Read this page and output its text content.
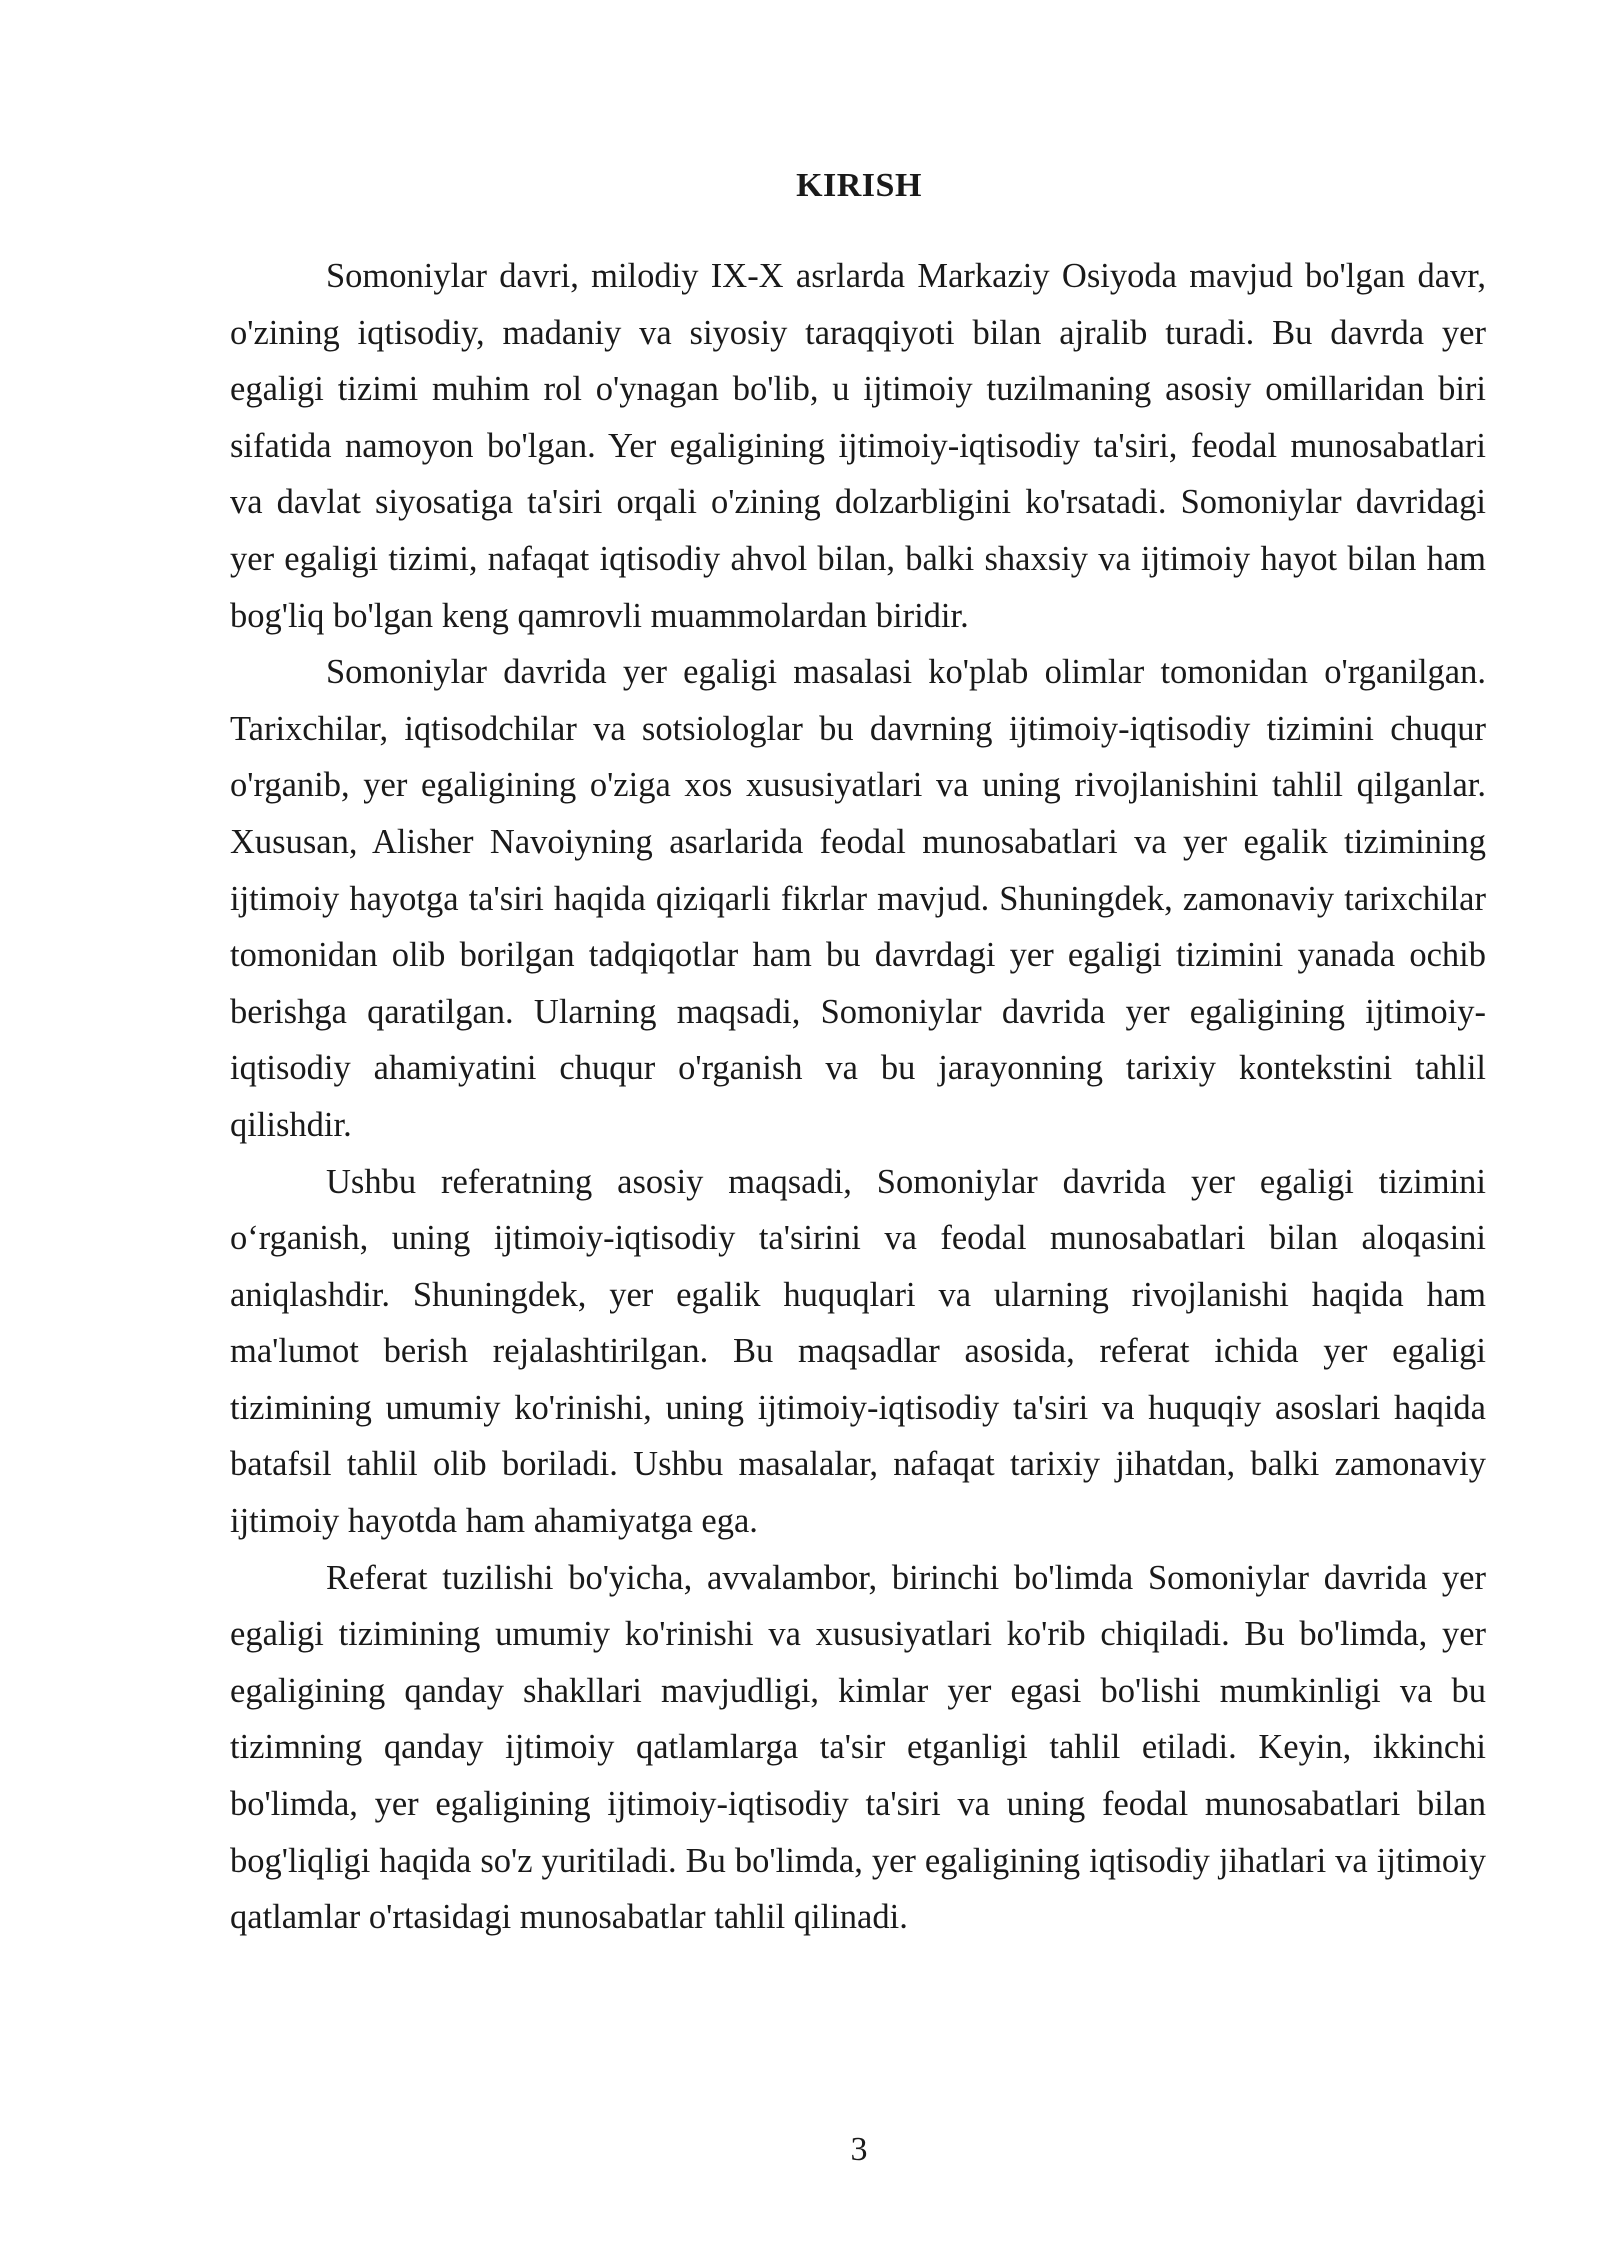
KIRISH

Somoniylar davri, milodiy IX-X asrlarda Markaziy Osiyoda mavjud bo'lgan davr, o'zining iqtisodiy, madaniy va siyosiy taraqqiyoti bilan ajralib turadi. Bu davrda yer egaligi tizimi muhim rol o'ynagan bo'lib, u ijtimoiy tuzilmaning asosiy omillaridan biri sifatida namoyon bo'lgan. Yer egaligining ijtimoiy-iqtisodiy ta'siri, feodal munosabatlari va davlat siyosatiga ta'siri orqali o'zining dolzarbligini ko'rsatadi. Somoniylar davridagi yer egaligi tizimi, nafaqat iqtisodiy ahvol bilan, balki shaxsiy va ijtimoiy hayot bilan ham bog'liq bo'lgan keng qamrovli muammolardan biridir.

Somoniylar davrida yer egaligi masalasi ko'plab olimlar tomonidan o'rganilgan. Tarixchilar, iqtisodchilar va sotsiologlar bu davrning ijtimoiy-iqtisodiy tizimini chuqur o'rganib, yer egaligining o'ziga xos xususiyatlari va uning rivojlanishini tahlil qilganlar. Xususan, Alisher Navoiyning asarlarida feodal munosabatlari va yer egalik tizimining ijtimoiy hayotga ta'siri haqida qiziqarli fikrlar mavjud. Shuningdek, zamonaviy tarixchilar tomonidan olib borilgan tadqiqotlar ham bu davrdagi yer egaligi tizimini yanada ochib berishga qaratilgan. Ularning maqsadi, Somoniylar davrida yer egaligining ijtimoiy-iqtisodiy ahamiyatini chuqur o'rganish va bu jarayonning tarixiy kontekstini tahlil qilishdir.

Ushbu referatning asosiy maqsadi, Somoniylar davrida yer egaligi tizimini o‘rganish, uning ijtimoiy-iqtisodiy ta'sirini va feodal munosabatlari bilan aloqasini aniqlashdir. Shuningdek, yer egalik huquqlari va ularning rivojlanishi haqida ham ma'lumot berish rejalashtirilgan. Bu maqsadlar asosida, referat ichida yer egaligi tizimining umumiy ko'rinishi, uning ijtimoiy-iqtisodiy ta'siri va huquqiy asoslari haqida batafsil tahlil olib boriladi. Ushbu masalalar, nafaqat tarixiy jihatdan, balki zamonaviy ijtimoiy hayotda ham ahamiyatga ega.

Referat tuzilishi bo'yicha, avvalambor, birinchi bo'limda Somoniylar davrida yer egaligi tizimining umumiy ko'rinishi va xususiyatlari ko'rib chiqiladi. Bu bo'limda, yer egaligining qanday shakllari mavjudligi, kimlar yer egasi bo'lishi mumkinligi va bu tizimning qanday ijtimoiy qatlamlarga ta'sir etganligi tahlil etiladi. Keyin, ikkinchi bo'limda, yer egaligining ijtimoiy-iqtisodiy ta'siri va uning feodal munosabatlari bilan bog'liqligi haqida so'z yuritiladi. Bu bo'limda, yer egaligining iqtisodiy jihatlari va ijtimoiy qatlamlar o'rtasidagi munosabatlar tahlil qilinadi.

3
